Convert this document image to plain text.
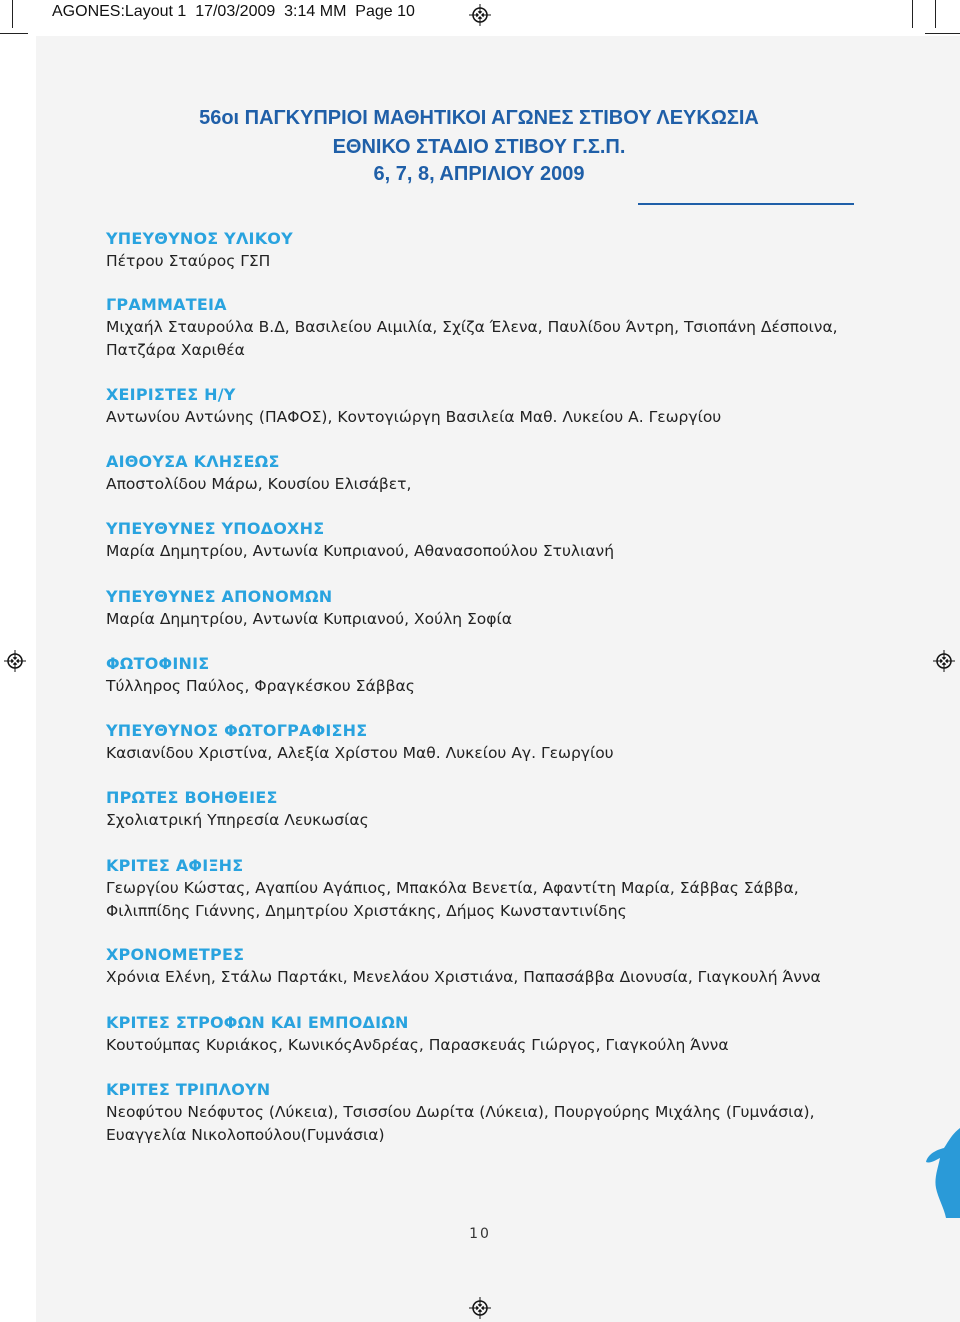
AGONES:Layout 1 17/03/2009 3:14 MM Page 10
56οι ΠΑΓΚΥΠΡΙΟΙ ΜΑΘΗΤΙΚΟΙ ΑΓΩΝΕΣ ΣΤΙΒΟΥ ΛΕΥΚΩΣΙΑ
ΕΘΝΙΚΟ ΣΤΑΔΙΟ ΣΤΙΒΟΥ Γ.Σ.Π.
6, 7, 8, ΑΠΡΙΛΙΟΥ 2009
ΥΠΕΥΘΥΝΟΣ ΥΛΙΚΟΥ
Πέτρου Σταύρος ΓΣΠ
ΓΡΑΜΜΑΤΕΙΑ
Μιχαήλ Σταυρούλα Β.Δ, Βασιλείου Αιμιλία, Σχίζα Έλενα, Παυλίδου Άντρη, Τσιοπάνη Δέσποινα,
Πατζάρα Χαριθέα
ΧΕΙΡΙΣΤΕΣ Η/Υ
Αντωνίου Αντώνης (ΠΑΦΟΣ), Κοντογιώργη Βασιλεία Μαθ. Λυκείου Α. Γεωργίου
ΑΙΘΟΥΣΑ ΚΛΗΣΕΩΣ
Αποστολίδου Μάρω, Κουσίου Ελισάβετ,
ΥΠΕΥΘΥΝΕΣ ΥΠΟΔΟΧΗΣ
Μαρία Δημητρίου, Αντωνία Κυπριανού, Αθανασοπούλου Στυλιανή
ΥΠΕΥΘΥΝΕΣ ΑΠΟΝΟΜΩΝ
Μαρία Δημητρίου, Αντωνία Κυπριανού, Χούλη Σοφία
ΦΩΤΟΦΙΝΙΣ
Τύλληρος Παύλος, Φραγκέσκου Σάββας
ΥΠΕΥΘΥΝΟΣ ΦΩΤΟΓΡΑΦΙΣΗΣ
Κασιανίδου Χριστίνα, Αλεξία Χρίστου Μαθ. Λυκείου Αγ. Γεωργίου
ΠΡΩΤΕΣ ΒΟΗΘΕΙΕΣ
Σχολιατρική Υπηρεσία Λευκωσίας
ΚΡΙΤΕΣ ΑΦΙΞΗΣ
Γεωργίου Κώστας, Αγαπίου Αγάπιος, Μπακόλα Βενετία, Αφαντίτη Μαρία, Σάββας Σάββα,
Φιλιππίδης Γιάννης, Δημητρίου Χριστάκης, Δήμος Κωνσταντινίδης
ΧΡΟΝΟΜΕΤΡΕΣ
Χρόνια Ελένη, Στάλω Παρτάκι, Μενελάου Χριστιάνα, Παπασάββα Διονυσία, Γιαγκουλή Άννα
ΚΡΙΤΕΣ ΣΤΡΟΦΩΝ ΚΑΙ ΕΜΠΟΔΙΩΝ
Κουτούμπας Κυριάκος, ΚωνικόςΑνδρέας, Παρασκευάς Γιώργος, Γιαγκούλη Άννα
ΚΡΙΤΕΣ ΤΡΙΠΛΟΥΝ
Νεοφύτου Νεόφυτος (Λύκεια), Τσισσίου Δωρίτα (Λύκεια), Πουργούρης Μιχάλης (Γυμνάσια),
Ευαγγελία Νικολοπούλου(Γυμνάσια)
10
